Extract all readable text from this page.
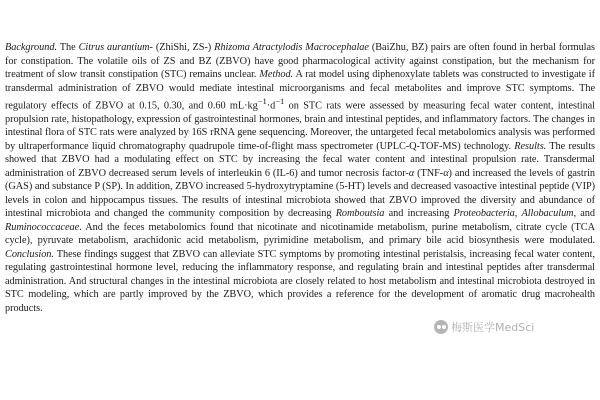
Background. The Citrus aurantium- (ZhiShi, ZS-) Rhizoma Atractylodis Macrocephalae (BaiZhu, BZ) pairs are often found in herbal formulas for constipation. The volatile oils of ZS and BZ (ZBVO) have good pharmacological activity against constipation, but the mechanism for treatment of slow transit constipation (STC) remains unclear. Method. A rat model using diphenoxylate tablets was constructed to investigate if transdermal administration of ZBVO would mediate intestinal microorganisms and fecal metabolites and improve STC symptoms. The regulatory effects of ZBVO at 0.15, 0.30, and 0.60 $mL\cdot kg^{-1}\cdot d^{-1}$ on STC rats were assessed by measuring fecal water content, intestinal propulsion rate, histopathology, expression of gastrointestinal hormones, brain and intestinal peptides, and inflammatory factors. The changes in intestinal flora of STC rats were analyzed by 16S rRNA gene sequencing. Moreover, the untargeted fecal metabolomics analysis was performed by ultraperformance liquid chromatography quadrupole time-of-flight mass spectrometer (UPLC-Q-TOF-MS) technology. Results. The results showed that ZBVO had a modulating effect on STC by increasing the fecal water content and intestinal propulsion rate. Transdermal administration of ZBVO decreased serum levels of interleukin 6 (IL-6) and tumor necrosis factor-α (TNF-α) and increased the levels of gastrin (GAS) and substance P (SP). In addition, ZBVO increased 5-hydroxytryptamine (5-HT) levels and decreased vasoactive intestinal peptide (VIP) levels in colon and hippocampus tissues. The results of intestinal microbiota showed that ZBVO improved the diversity and abundance of intestinal microbiota and changed the community composition by decreasing Romboutsia and increasing Proteobacteria, Allobaculum, and Ruminococcaceae. And the feces metabolomics found that nicotinate and nicotinamide metabolism, purine metabolism, citrate cycle (TCA cycle), pyruvate metabolism, arachidonic acid metabolism, pyrimidine metabolism, and primary bile acid biosynthesis were modulated. Conclusion. These findings suggest that ZBVO can alleviate STC symptoms by promoting intestinal peristalsis, increasing fecal water content, regulating gastrointestinal hormone level, reducing the inflammatory response, and regulating brain and intestinal peptides after transdermal administration. And structural changes in the intestinal microbiota are closely related to host metabolism and intestinal microbiota destroyed in STC modeling, which are partly improved by the ZBVO, which provides a reference for the development of aromatic drug macrohealth products.

梅斯医学MedSci
